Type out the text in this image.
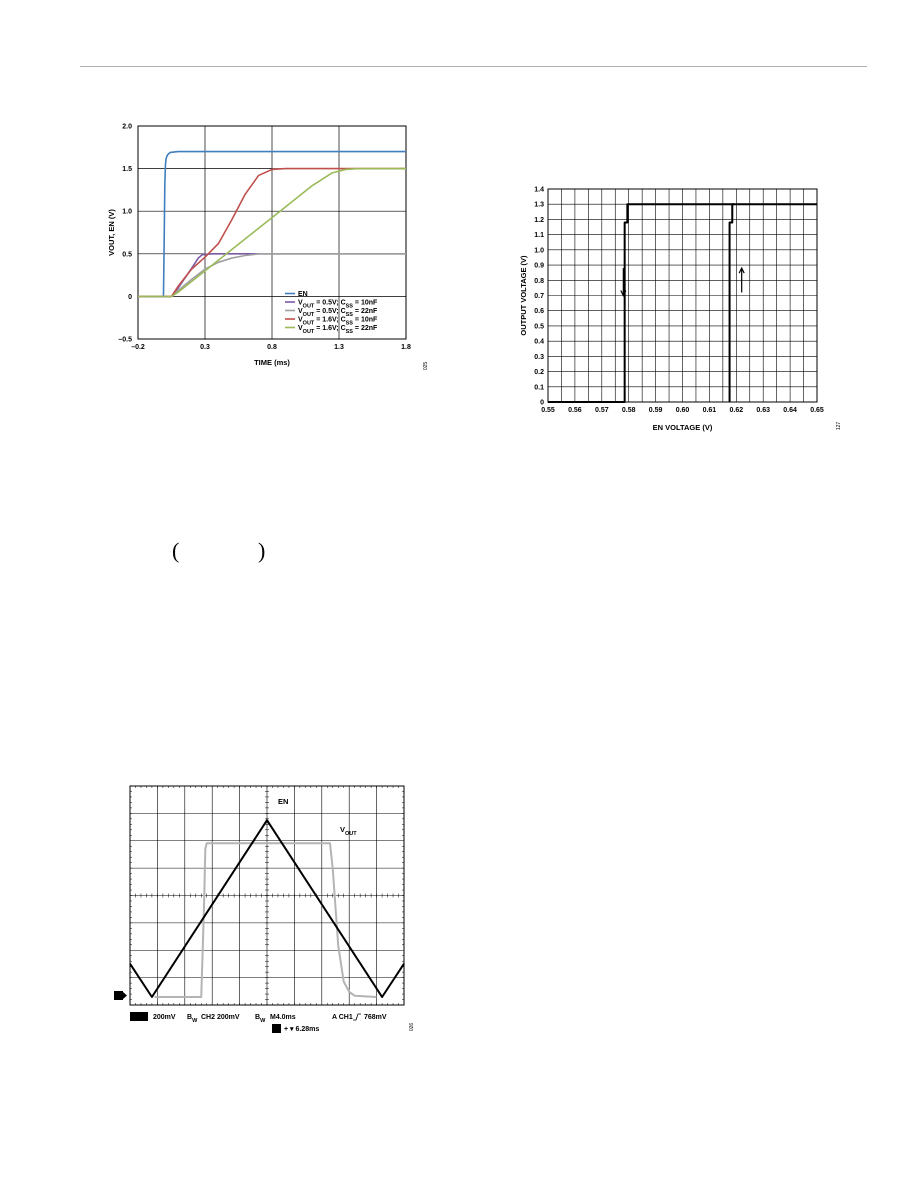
–0.2	0.3	0.8	1.3	1.8
–0.5
0
0.5
1.0
1.5
2.0
TIME (ms)
VOUT, EN (V)
025
EN
$V_{OUT} = 0.5V$; $C_{SS} = 10nF$
$V_{OUT} = 0.5V$; $C_{SS} = 22nF$
$V_{OUT} = 1.6V$; $C_{SS} = 10nF$
$V_{OUT} = 1.6V$; $C_{SS} = 22nF$
0.55 0.56 0.57 0.58 0.59 0.60 0.61 0.62 0.63 0.64 0.65
0
0.1
0.2
0.3
0.4
0.5
0.6
0.7
0.8
0.9
1.0
1.1
1.2
1.3
1.4
EN VOLTAGE (V)
OUTPUT VOLTAGE (V)
127
EN
$V_{OUT}$
1
CH1 200mV $B_W$ CH2 200mV $B_W$ M4.0ms	A CH1 768mV
T + ▾ 6.28ms	026
(	)
